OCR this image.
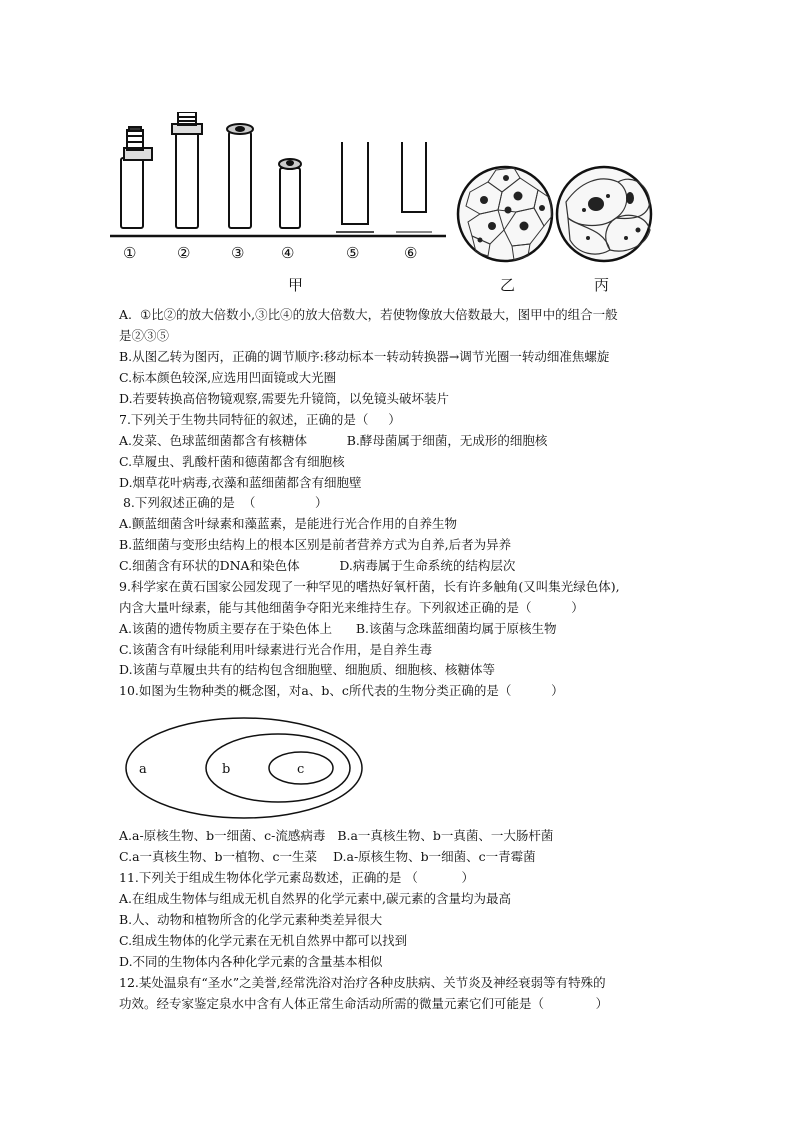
①	②	③ ④	⑤	⑥
甲	乙	丙
A.  ①比②的放大倍数小,③比④的放大倍数大，若使物像放大倍数最大，图甲中的组合一般
是②③⑤
B.从图乙转为图丙，正确的调节顺序:移动标本一转动转换器→调节光圈一转动细准焦螺旋
C.标本颜色较深,应选用凹面镜或大光圈
D.若要转换高倍物镜观察,需要先升镜筒，以免镜头破坏装片
7.下列关于生物共同特征的叙述，正确的是（     ）
A.发菜、色球蓝细菌都含有核糖体          B.酵母菌属于细菌，无成形的细胞核
C.草履虫、乳酸杆菌和德菌都含有细胞核
D.烟草花叶病毒,衣藻和蓝细菌都含有细胞壁
8.下列叙述正确的是  （               ）
A.颤蓝细菌含叶绿素和藻蓝素，是能进行光合作用的自养生物
B.蓝细菌与变形虫结构上的根本区别是前者营养方式为自养,后者为异养
C.细菌含有环状的DNA和染色体          D.病毒属于生命系统的结构层次
9.科学家在黄石国家公园发现了一种罕见的嗜热好氧杆菌，长有许多触角(又叫集光绿色体),
内含大量叶绿素，能与其他细菌争夺阳光来维持生存。下列叙述正确的是（          ）
A.该菌的遗传物质主要存在于染色体上      B.该菌与念珠蓝细菌均属于原核生物
C.该菌含有叶绿能利用叶绿素进行光合作用，是自养生毒
D.该菌与草履虫共有的结构包含细胞壁、细胞质、细胞核、核糖体等
10.如图为生物种类的概念图，对a、b、c所代表的生物分类正确的是（          ）
a	b	c
A.a-原核生物、b一细菌、c-流感病毒   B.a一真核生物、b一真菌、一大肠杆菌
C.a一真核生物、b一植物、c一生菜    D.a-原核生物、b一细菌、c一青霉菌
11.下列关于组成生物体化学元素岛数述，正确的是 （           ）
A.在组成生物体与组成无机自然界的化学元素中,碳元素的含量均为最高
B.人、动物和植物所含的化学元素种类差异很大
C.组成生物体的化学元素在无机自然界中都可以找到
D.不同的生物体内各种化学元素的含量基本相似
12.某处温泉有“圣水”之美誉,经常洗浴对治疗各种皮肤病、关节炎及神经衰弱等有特殊的
功效。经专家鉴定泉水中含有人体正常生命活动所需的微量元素它们可能是（             ）
